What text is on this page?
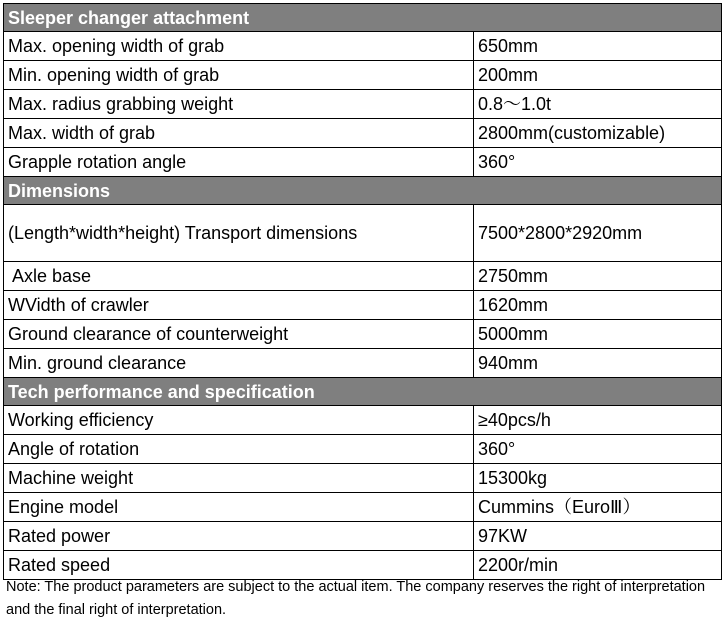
Sleeper changer attachment	
Max. opening width of grab	650mm
Min. opening width of grab	200mm
Max. radius grabbing weight	0.8～1.0t
Max. width of grab	2800mm(customizable)
Grapple rotation angle	360°
Dimensions	
(Length*width*height) Transport dimensions	7500*2800*2920mm
Axle base	2750mm
WVidth of crawler	1620mm
Ground clearance of counterweight	5000mm
Min. ground clearance	940mm
Tech performance and specification	
Working efficiency	≥40pcs/h
Angle of rotation	360°
Machine weight	15300kg
Engine model	Cummins（EuroⅢ）
Rated power	97KW
Rated speed	2200r/min
Note: The product parameters are subject to the actual item. The company reserves the right of interpretation and the final right of interpretation.
